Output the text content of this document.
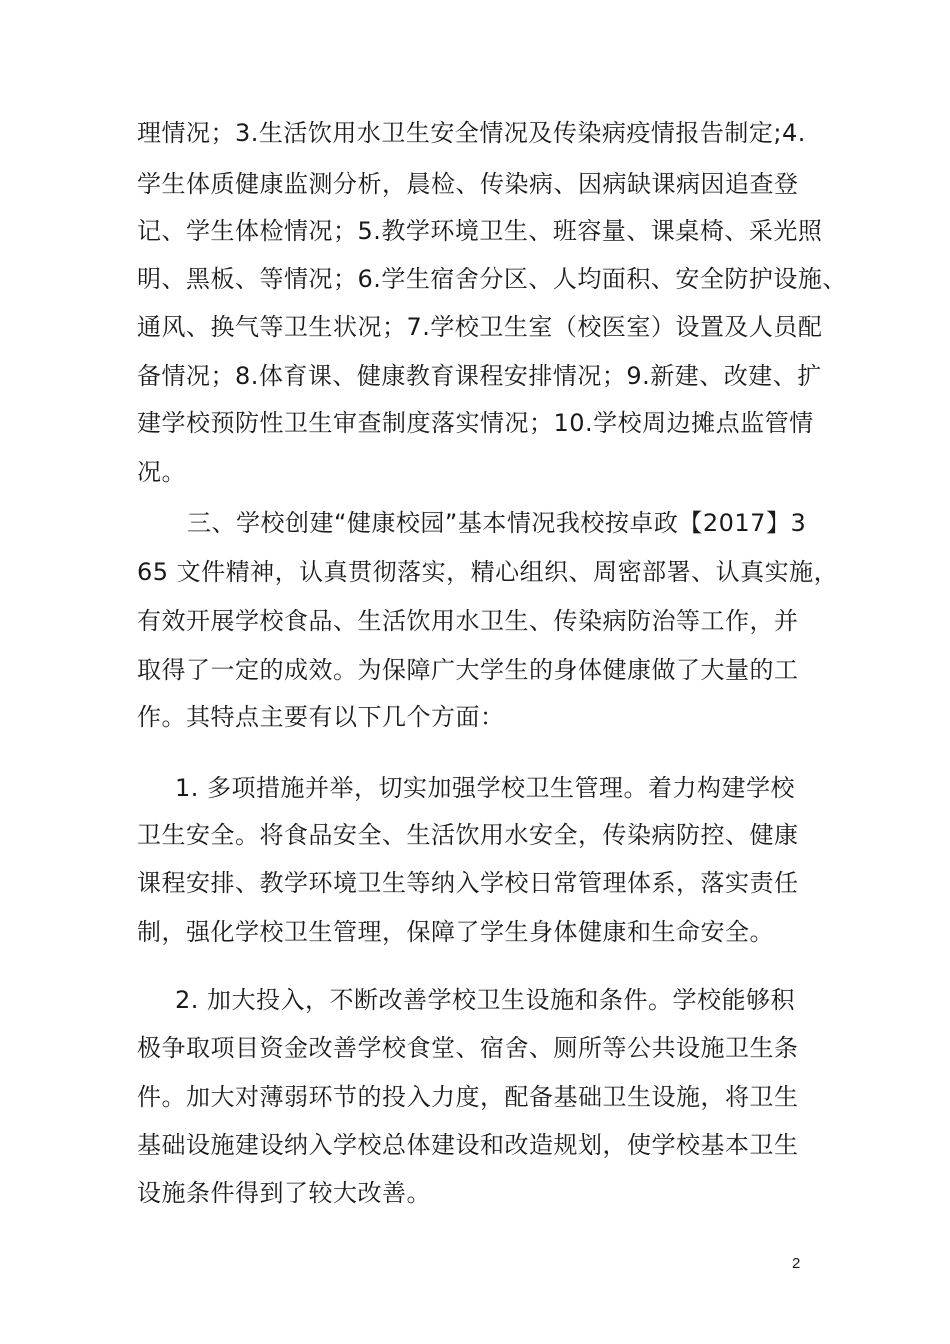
理情况；3.生活饮用水卫生安全情况及传染病疫情报告制定;4.
学生体质健康监测分析，晨检、传染病、因病缺课病因追查登
记、学生体检情况；5.教学环境卫生、班容量、课桌椅、采光照
明、黑板、等情况；6.学生宿舍分区、人均面积、安全防护设施、
通风、换气等卫生状况；7.学校卫生室（校医室）设置及人员配
备情况；8.体育课、健康教育课程安排情况；9.新建、改建、扩
建学校预防性卫生审查制度落实情况；10.学校周边摊点监管情
况。
三、学校创建“健康校园”基本情况我校按卓政【2017】3
65 文件精神，认真贯彻落实，精心组织、周密部署、认真实施，
有效开展学校食品、生活饮用水卫生、传染病防治等工作，并
取得了一定的成效。为保障广大学生的身体健康做了大量的工
作。其特点主要有以下几个方面：
1. 多项措施并举，切实加强学校卫生管理。着力构建学校
卫生安全。将食品安全、生活饮用水安全，传染病防控、健康
课程安排、教学环境卫生等纳入学校日常管理体系，落实责任
制，强化学校卫生管理，保障了学生身体健康和生命安全。
2. 加大投入，不断改善学校卫生设施和条件。学校能够积
极争取项目资金改善学校食堂、宿舍、厕所等公共设施卫生条
件。加大对薄弱环节的投入力度，配备基础卫生设施，将卫生
基础设施建设纳入学校总体建设和改造规划，使学校基本卫生
设施条件得到了较大改善。
2
